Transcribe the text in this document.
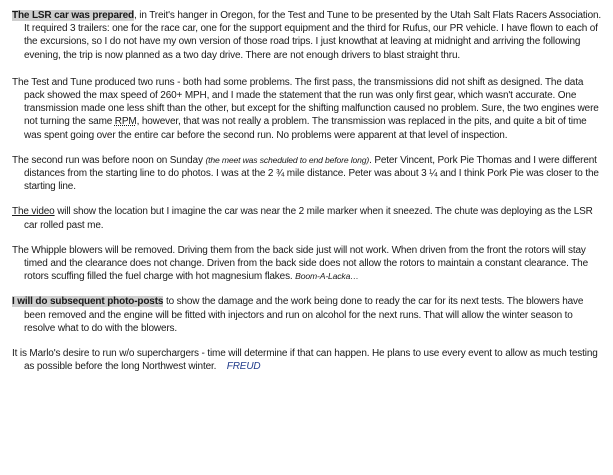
The LSR car was prepared, in Treit's hanger in Oregon, for the Test and Tune to be presented by the Utah Salt Flats Racers Association. It required 3 trailers: one for the race car, one for the support equipment and the third for Rufus, our PR vehicle. I have flown to each of the excursions, so I do not have my own version of those road trips. I just knowthat at leaving at midnight and arriving the following evening, the trip is now planned as a two day drive. There are not enough drivers to blast straight thru.

The Test and Tune produced two runs - both had some problems. The first pass, the transmissions did not shift as designed. The data pack showed the max speed of 260+ MPH, and I made the statement that the run was only first gear, which wasn't accurate. One transmission made one less shift than the other, but except for the shifting malfunction caused no problem. Sure, the two engines were not turning the same RPM, however, that was not really a problem. The transmission was replaced in the pits, and quite a bit of time was spent going over the entire car before the second run. No problems were apparent at that level of inspection.

The second run was before noon on Sunday (the meet was scheduled to end before long). Peter Vincent, Pork Pie Thomas and I were different distances from the starting line to do photos. I was at the 2 ¾ mile distance. Peter was about 3 ¼ and I think Pork Pie was closer to the starting line.

The video will show the location but I imagine the car was near the 2 mile marker when it sneezed. The chute was deploying as the LSR car rolled past me.

The Whipple blowers will be removed. Driving them from the back side just will not work. When driven from the front the rotors will stay timed and the clearance does not change. Driven from the back side does not allow the rotors to maintain a constant clearance. The rotors scuffing filled the fuel charge with hot magnesium flakes. Boom-A-Lacka…

I will do subsequent photo-posts to show the damage and the work being done to ready the car for its next tests. The blowers have been removed and the engine will be fitted with injectors and run on alcohol for the next runs. That will allow the winter season to resolve what to do with the blowers.

It is Marlo's desire to run w/o superchargers - time will determine if that can happen. He plans to use every event to allow as much testing as possible before the long Northwest winter. FREUD
